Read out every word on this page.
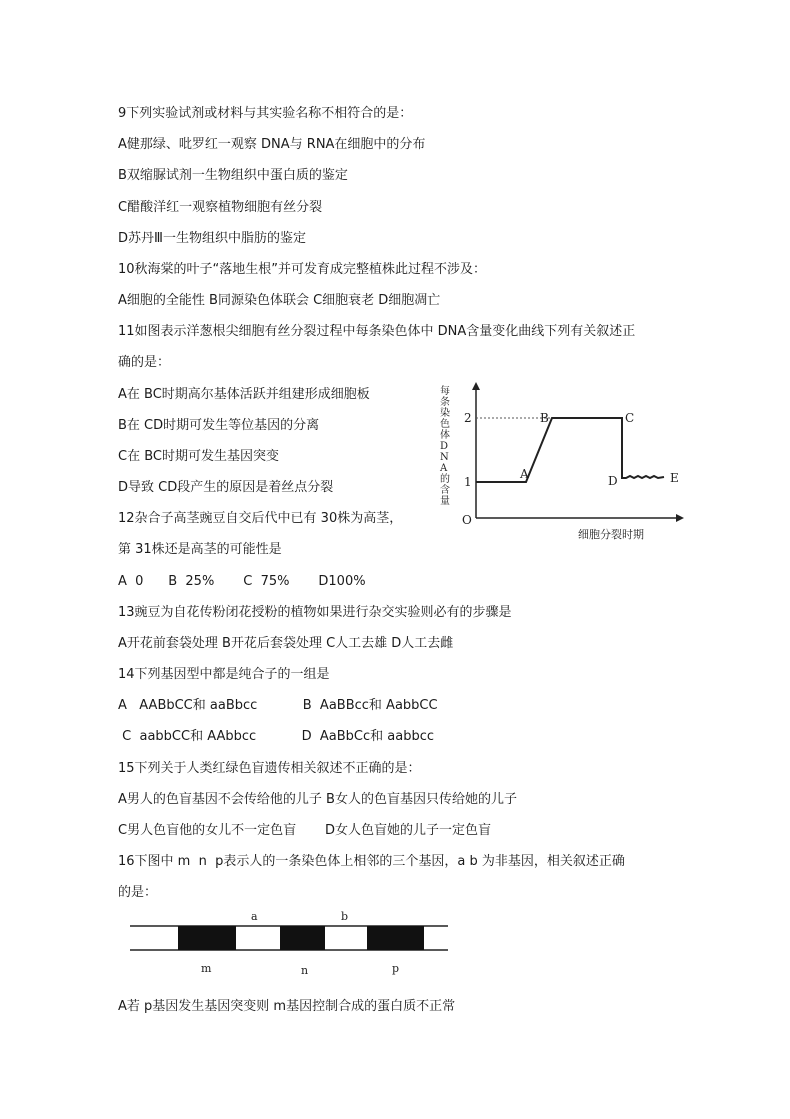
9下列实验试剂或材料与其实验名称不相符合的是：
A健那绿、吡罗红一观察 DNA与 RNA在细胞中的分布
B双缩脲试剂一生物组织中蛋白质的鉴定
C醋酸洋红一观察植物细胞有丝分裂
D苏丹Ⅲ一生物组织中脂肪的鉴定
10秋海棠的叶子“落地生根”并可发育成完整植株此过程不涉及：
A细胞的全能性 B同源染色体联会 C细胞衰老 D细胞凋亡
11如图表示洋葱根尖细胞有丝分裂过程中每条染色体中 DNA含量变化曲线下列有关叙述正
确的是：
A在 BC时期高尔基体活跃并组建形成细胞板
B在 CD时期可发生等位基因的分离
C在 BC时期可发生基因突变
D导致 CD段产生的原因是着丝点分裂
12杂合子高茎豌豆自交后代中已有 30株为高茎，
第 31株还是高茎的可能性是
A  0      B  25%       C  75%       D100%
13豌豆为自花传粉闭花授粉的植物如果进行杂交实验则必有的步骤是
A开花前套袋处理 B开花后套袋处理 C人工去雄 D人工去雌
14下列基因型中都是纯合子的一组是
A   AABbCC和 aaBbcc           B  AaBBcc和 AabbCC
C  aabbCC和 AAbbcc           D  AaBbCc和 aabbcc
15下列关于人类红绿色盲遗传相关叙述不正确的是：
A男人的色盲基因不会传给他的儿子 B女人的色盲基因只传给她的儿子
C男人色盲他的女儿不一定色盲       D女人色盲她的儿子一定色盲
16下图中 m  n  p表示人的一条染色体上相邻的三个基因，a b 为非基因，相关叙述正确
的是：
A若 p基因发生基因突变则 m基因控制合成的蛋白质不正常
1
2
O
A
B	C
D	E
细胞分裂时期
每条染色体DNA的含量
a	b
m	n	p
